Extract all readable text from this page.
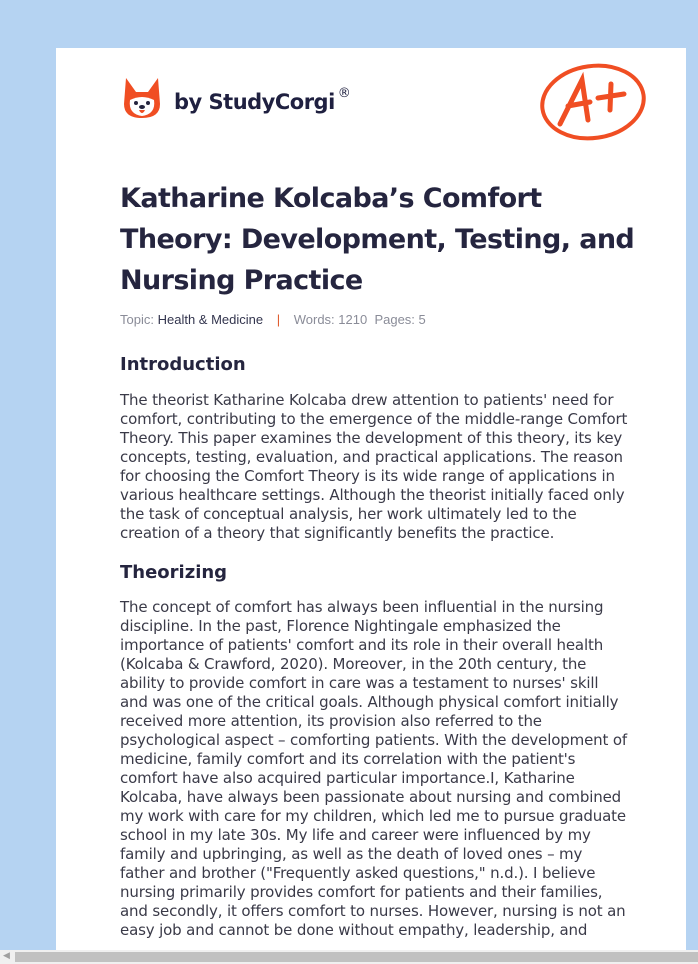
by StudyCorgi ®
Katharine Kolcaba’s Comfort Theory: Development, Testing, and Nursing Practice
Topic: Health & Medicine | Words: 1210 Pages: 5
Introduction
The theorist Katharine Kolcaba drew attention to patients' need for comfort, contributing to the emergence of the middle-range Comfort Theory. This paper examines the development of this theory, its key concepts, testing, evaluation, and practical applications. The reason for choosing the Comfort Theory is its wide range of applications in various healthcare settings. Although the theorist initially faced only the task of conceptual analysis, her work ultimately led to the creation of a theory that significantly benefits the practice.
Theorizing
The concept of comfort has always been influential in the nursing discipline. In the past, Florence Nightingale emphasized the importance of patients' comfort and its role in their overall health (Kolcaba & Crawford, 2020). Moreover, in the 20th century, the ability to provide comfort in care was a testament to nurses' skill and was one of the critical goals. Although physical comfort initially received more attention, its provision also referred to the psychological aspect – comforting patients. With the development of medicine, family comfort and its correlation with the patient's comfort have also acquired particular importance.I, Katharine Kolcaba, have always been passionate about nursing and combined my work with care for my children, which led me to pursue graduate school in my late 30s. My life and career were influenced by my family and upbringing, as well as the death of loved ones – my father and brother ("Frequently asked questions," n.d.). I believe nursing primarily provides comfort for patients and their families, and secondly, it offers comfort to nurses. However, nursing is not an easy job and cannot be done without empathy, leadership, and
◀
